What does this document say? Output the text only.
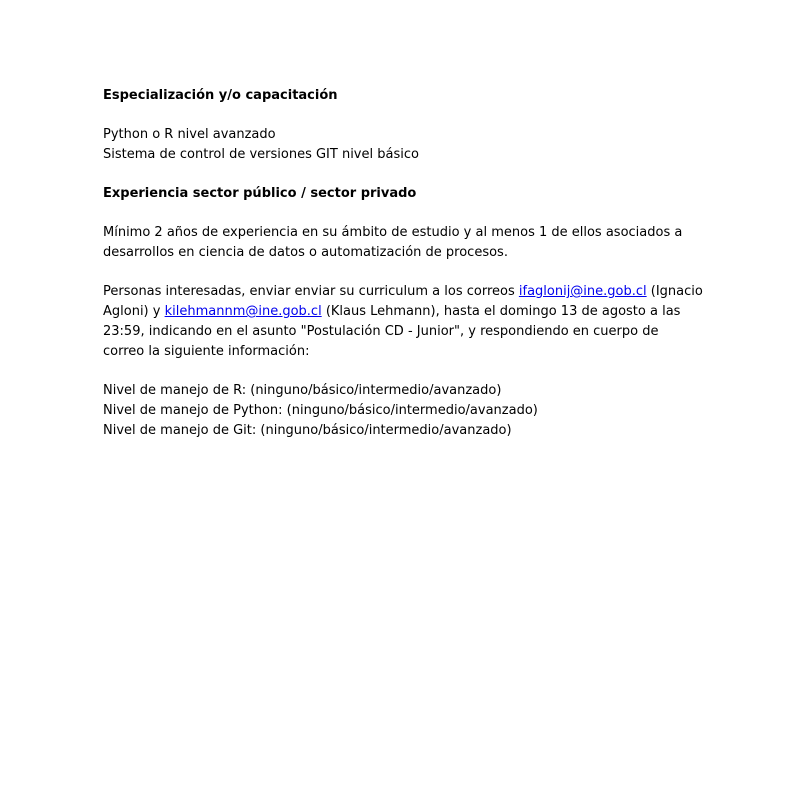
Especialización y/o capacitación

Python o R nivel avanzado

Sistema de control de versiones GIT nivel básico

Experiencia sector público / sector privado

Mínimo 2 años de experiencia en su ámbito de estudio y al menos 1 de ellos asociados a
desarrollos en ciencia de datos o automatización de procesos.

Personas interesadas, enviar enviar su curriculum a los correos ifaglonij@ine.gob.cl (Ignacio Agloni) y kilehmannm@ine.gob.cl (Klaus Lehmann), hasta el domingo 13 de agosto a las 23:59, indicando en el asunto "Postulación CD - Junior", y respondiendo en cuerpo de correo la siguiente información:

Nivel de manejo de R: (ninguno/básico/intermedio/avanzado)

Nivel de manejo de Python: (ninguno/básico/intermedio/avanzado)

Nivel de manejo de Git: (ninguno/básico/intermedio/avanzado)
